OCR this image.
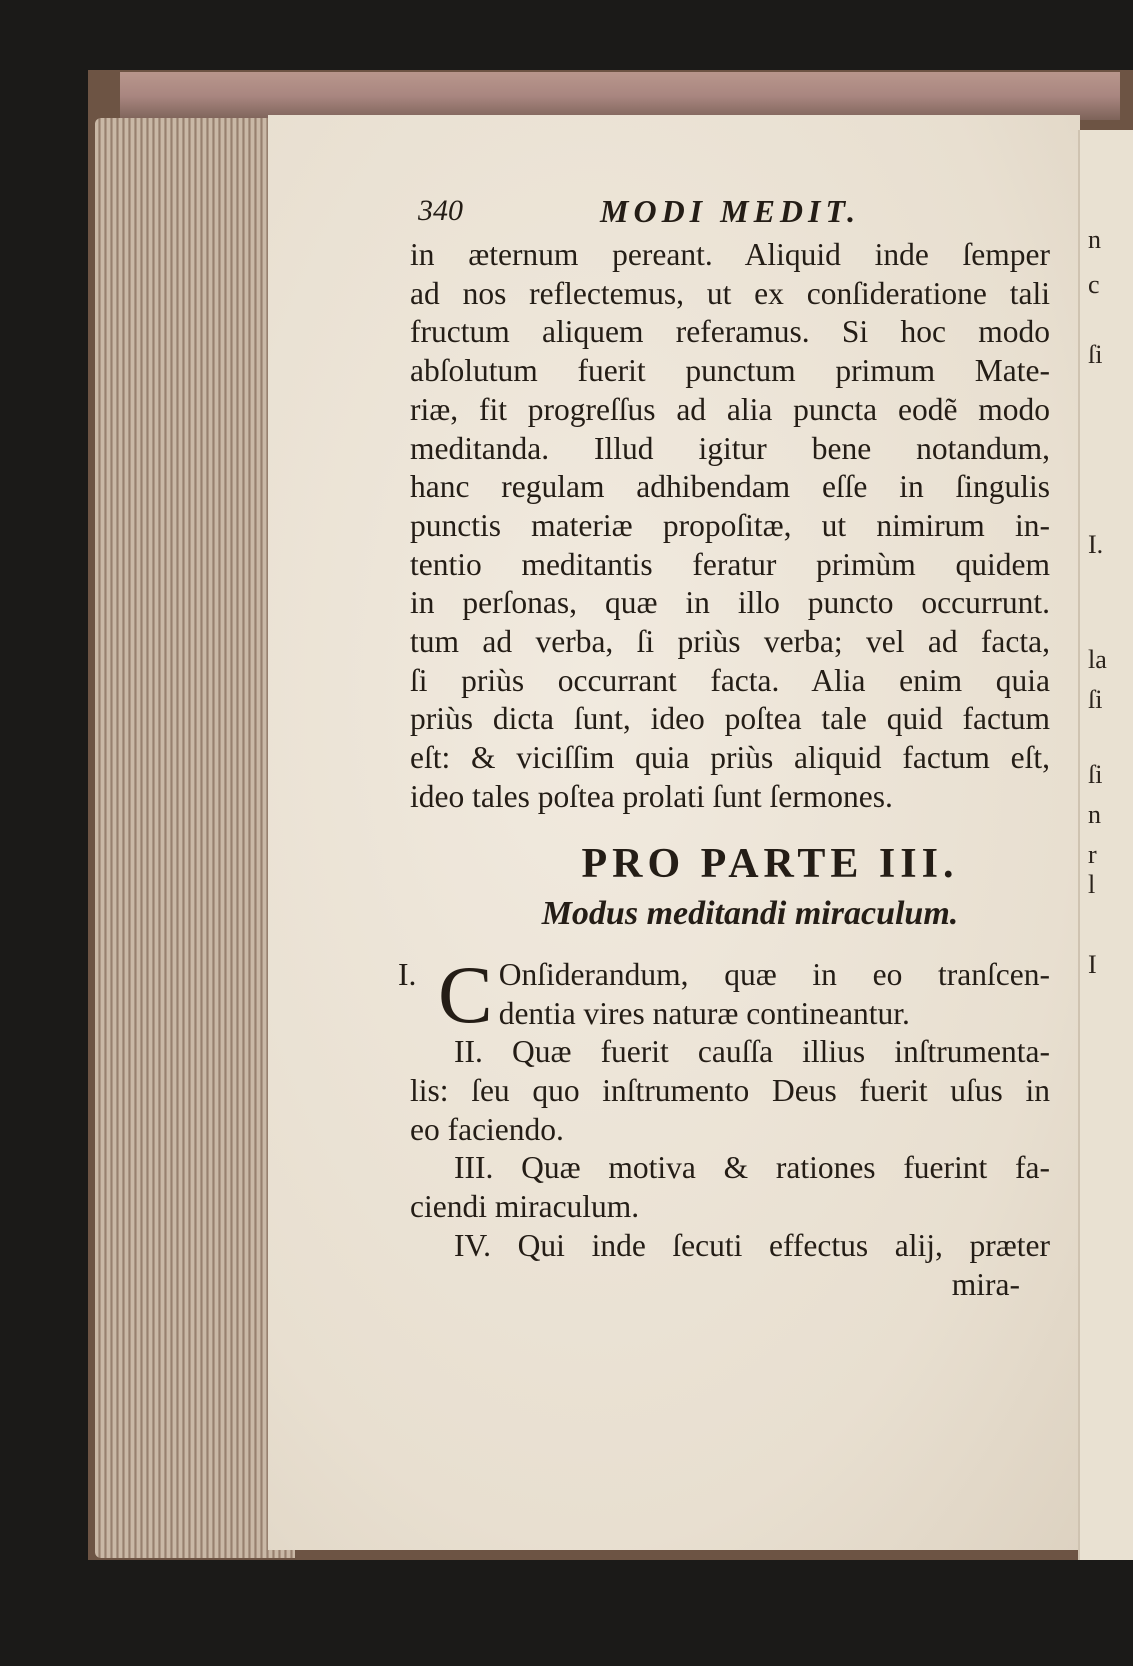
n
c
ſi
I.
la
ſi
ſi
n
r
l
I
340	MODI MEDIT.
in æternum pereant. Aliquid inde ſemper
ad nos reflectemus, ut ex conſideratione tali
fructum aliquem referamus. Si hoc modo
abſolutum fuerit punctum primum Mate-
riæ, fit progreſſus ad alia puncta eodẽ modo
meditanda. Illud igitur bene notandum,
hanc regulam adhibendam eſſe in ſingulis
punctis materiæ propoſitæ, ut nimirum in-
tentio meditantis feratur primùm quidem
in perſonas, quæ in illo puncto occurrunt.
tum ad verba, ſi priùs verba; vel ad facta,
ſi priùs occurrant facta. Alia enim quia
priùs dicta ſunt, ideo poſtea tale quid factum
eſt: & viciſſim quia priùs aliquid factum eſt,
ideo tales poſtea prolati ſunt ſermones.
PRO PARTE III.
Modus meditandi miraculum.
I. C Onſiderandum, quæ in eo tranſcen-
dentia vires naturæ contineantur.
II. Quæ fuerit cauſſa illius inſtrumenta-
lis: ſeu quo inſtrumento Deus fuerit uſus in
eo faciendo.
III. Quæ motiva & rationes fuerint fa-
ciendi miraculum.
IV. Qui inde ſecuti effectus alij, præter
mira-
